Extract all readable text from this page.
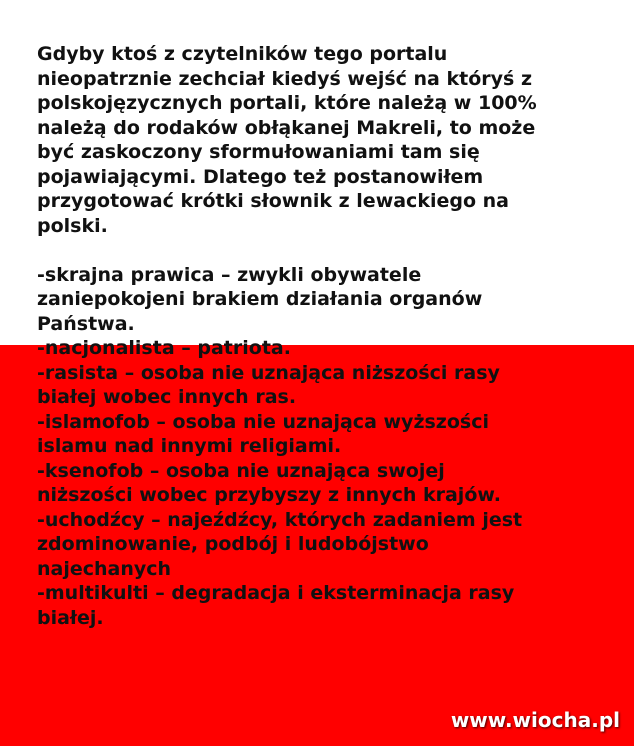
Gdyby ktoś z czytelników tego portalu
nieopatrznie zechciał kiedyś wejść na któryś z
polskojęzycznych portali, które należą w 100%
należą do rodaków obłąkanej Makreli, to może
być zaskoczony sformułowaniami tam się
pojawiającymi. Dlatego też postanowiłem
przygotować krótki słownik z lewackiego na
polski.

-skrajna prawica – zwykli obywatele
zaniepokojeni brakiem działania organów
Państwa.

-nacjonalista – patriota.

-rasista – osoba nie uznająca niższości rasy
białej wobec innych ras.

-islamofob – osoba nie uznająca wyższości
islamu nad innymi religiami.

-ksenofob – osoba nie uznająca swojej
niższości wobec przybyszy z innych krajów.

-uchodźcy – najeźdźcy, których zadaniem jest
zdominowanie, podbój i ludobójstwo
najechanych

-multikulti – degradacja i eksterminacja rasy
białej.

www.wiocha.pl
